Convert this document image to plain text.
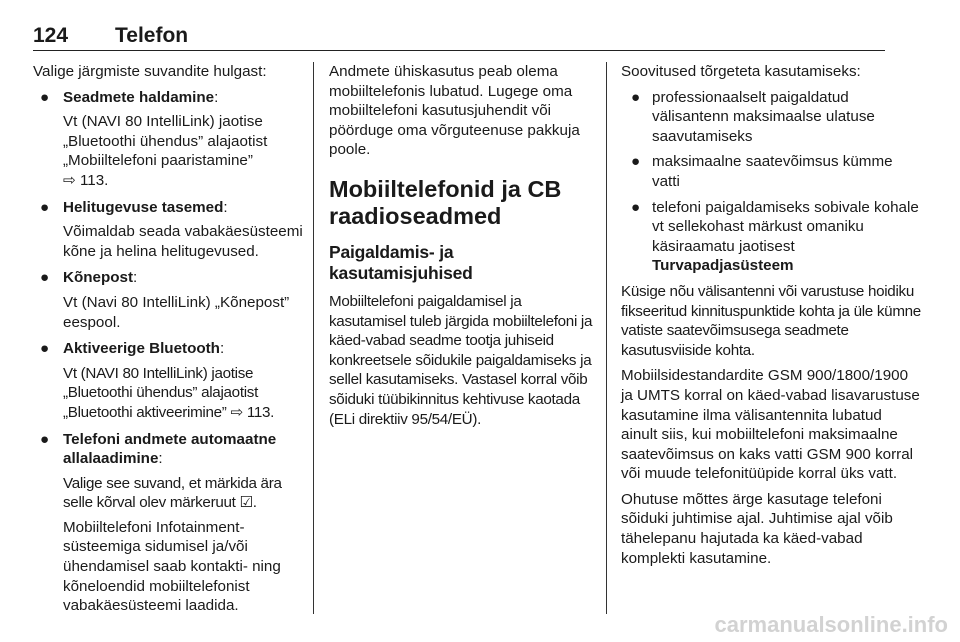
124 Telefon

Valige järgmiste suvandite hulgast:

● Seadmete haldamine:
Vt (NAVI 80 IntelliLink) jaotise „Bluetoothi ühendus” alajaotist „Mobiiltelefoni paaristamine”
⇨ 113.
● Helitugevuse tasemed:
Võimaldab seada vabakäesüsteemi kõne ja helina helitugevused.
● Kõnepost:
Vt (Navi 80 IntelliLink) „Kõnepost” eespool.
● Aktiveerige Bluetooth:
Vt (NAVI 80 IntelliLink) jaotise „Bluetoothi ühendus” alajaotist „Bluetoothi aktiveerimine” ⇨ 113.
● Telefoni andmete automaatne allalaadimine:
Valige see suvand, et märkida ära selle kõrval olev märkeruut ☑.
Mobiiltelefoni Infotainment-süsteemiga sidumisel ja/või ühendamisel saab kontakti- ning kõneloendid mobiiltelefonist vabakäesüsteemi laadida.

Andmete ühiskasutus peab olema mobiiltelefonis lubatud. Lugege oma mobiiltelefoni kasutusjuhendit või pöörduge oma võrguteenuse pakkuja poole.

Mobiiltelefonid ja CB raadioseadmed
Paigaldamis- ja kasutamisjuhised

Mobiiltelefoni paigaldamisel ja kasutamisel tuleb järgida mobiiltelefoni ja käed-vabad seadme tootja juhiseid konkreetsele sõidukile paigaldamiseks ja sellel kasutamiseks. Vastasel korral võib sõiduki tüübikinnitus kehtivuse kaotada (ELi direktiiv 95/54/EÜ).

Soovitused tõrgeteta kasutamiseks:

● professionaalselt paigaldatud välisantenn maksimaalse ulatuse saavutamiseks
● maksimaalne saatevõimsus kümme vatti
● telefoni paigaldamiseks sobivale kohale vt sellekohast märkust omaniku käsiraamatu jaotisest
Turvapadjasüsteem

Küsige nõu välisantenni või varustuse hoidiku fikseeritud kinnituspunktide kohta ja üle kümne vatiste saatevõimsusega seadmete kasutusviiside kohta.

Mobiilsidestandardite GSM 900/1800/1900 ja UMTS korral on käed-vabad lisavarustuse kasutamine ilma välisantennita lubatud ainult siis, kui mobiiltelefoni maksimaalne saatevõimsus on kaks vatti GSM 900 korral või muude telefonitüüpide korral üks vatt.

Ohutuse mõttes ärge kasutage telefoni sõiduki juhtimise ajal. Juhtimise ajal võib tähelepanu hajutada ka käed-vabad komplekti kasutamine.

carmanualsonline.info
